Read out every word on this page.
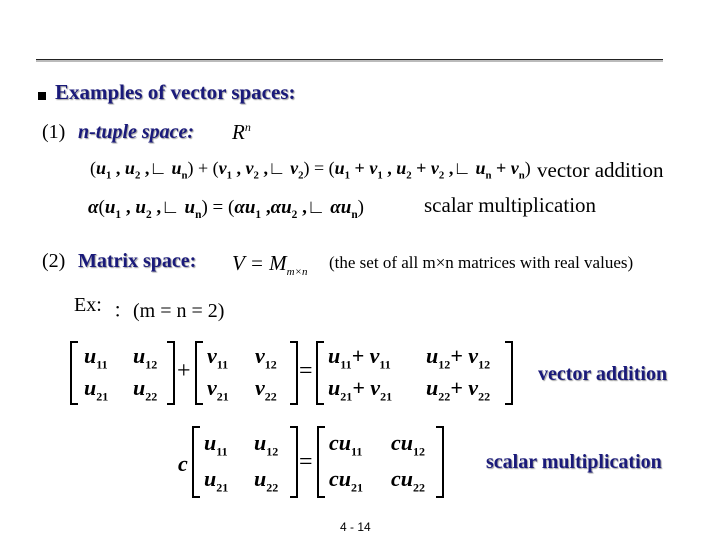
Examples of vector spaces:
(1) n-tuple space: $R^n$
($u_1$ , $u_2$ ,∟ $u_n) + (v_1$ , $v_2$ ,∟ $v_2) = (u_1 + v_1$ , $u_2 + v_2$ ,∟ $u_n + v_n$) vector addition
$\alpha(u_1$ , $u_2$ ,∟ $u_n) = (\alpha u_1$ $,\alpha u_2$ ,∟ $\alpha u_n$)	scalar multiplication
(2) Matrix space: $V = M_{m\times n}$
(the set of all m×n matrices with real values)
Ex: ：(m = n = 2)
$u_{11}$ $u_{12}$
$u_{21}$ $u_{22}$
+
$v_{11}$ $v_{12}$
$v_{21}$ $v_{22}$
=
$u_{11}+ v_{11}$ $u_{12}+ v_{12}$
$u_{21}+ v_{21}$ $u_{22}+ v_{22}$
vector addition
c
$u_{11}$ $u_{12}$
$u_{21}$ $u_{22}$
=
$cu_{11}$ $cu_{12}$
$cu_{21}$ $cu_{22}$
scalar multiplication
4 - 14
